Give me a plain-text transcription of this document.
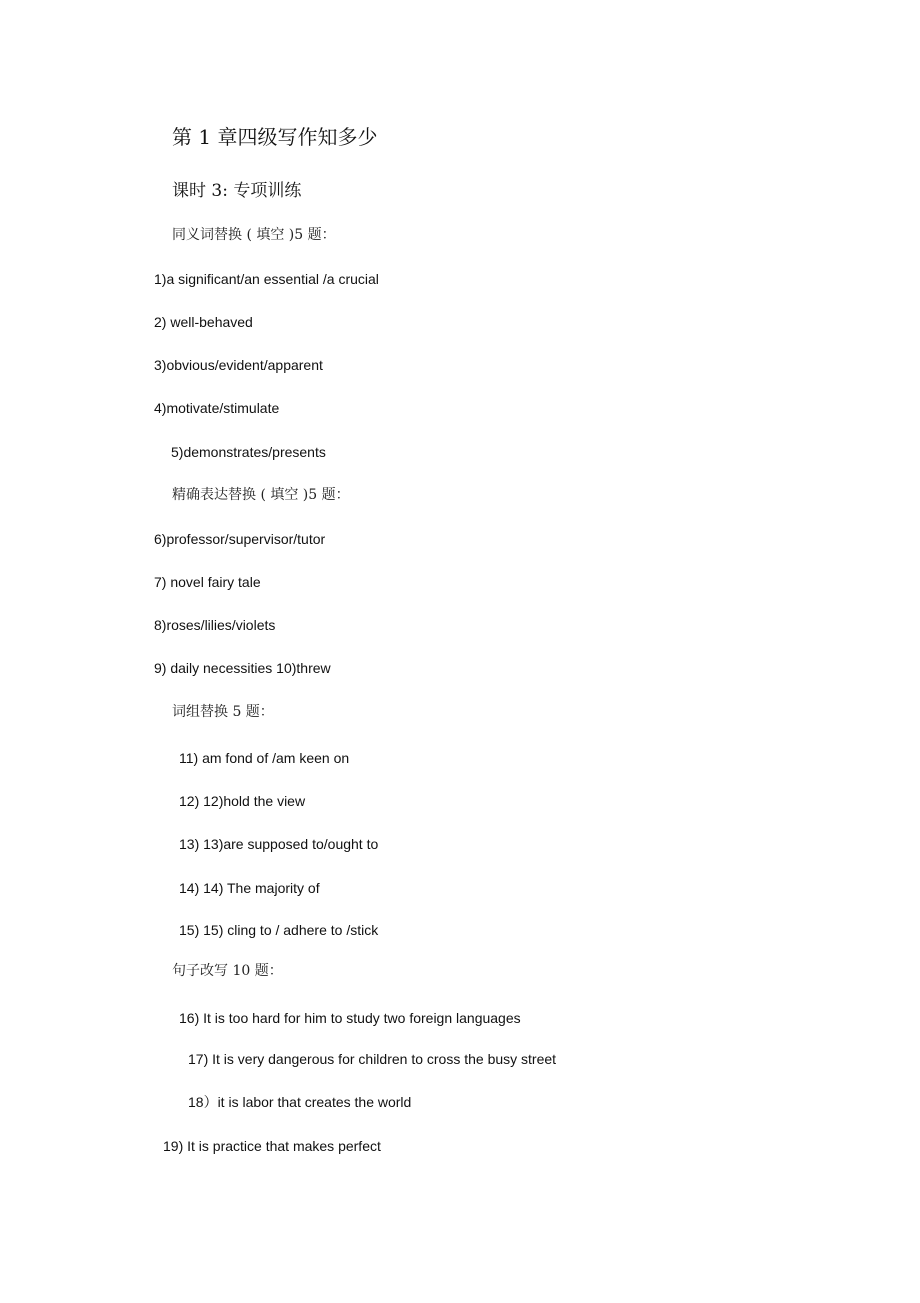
第 1 章四级写作知多少
课时 3: 专项训练
同义词替换 ( 填空 )5 题：
1)a significant/an essential /a crucial
2) well-behaved
3)obvious/evident/apparent
4)motivate/stimulate
5)demonstrates/presents
精确表达替换 ( 填空 )5 题：
6)professor/supervisor/tutor
7) novel fairy tale
8)roses/lilies/violets
9) daily necessities 10)threw
词组替换 5 题：
11) am fond of /am keen on
12) 12)hold the view
13) 13)are supposed to/ought to
14) 14) The majority of
15) 15) cling to / adhere to /stick
句子改写 10 题：
16) It is too hard for him to study two foreign languages
17) It is very dangerous for children to cross the busy street
18）it is labor that creates the world
19) It is practice that makes perfect
